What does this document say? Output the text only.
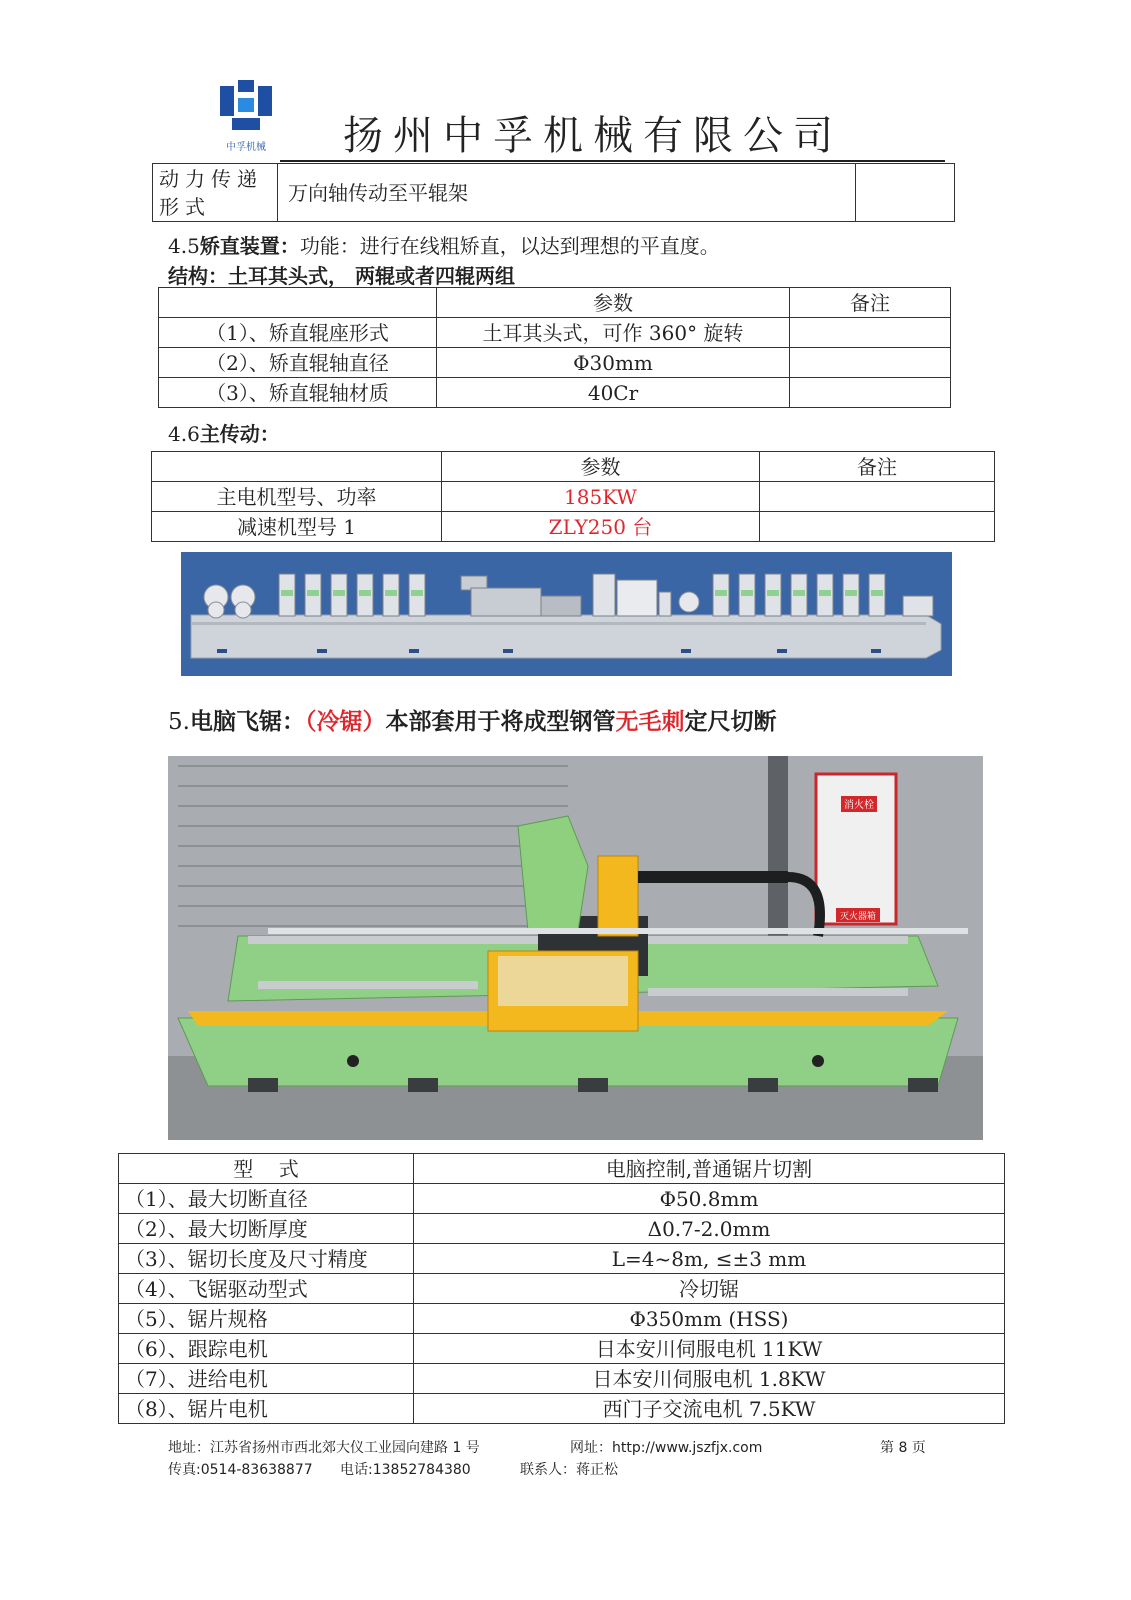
中孚机械 扬州中孚机械有限公司
动力传递形式	万向轴传动至平辊架	
4.5矫直装置：功能：进行在线粗矫直，以达到理想的平直度。
结构：土耳其头式， 两辊或者四辊两组
	参数	备注
（1）、矫直辊座形式	土耳其头式，可作 360° 旋转	
（2）、矫直辊轴直径	Φ30mm	
（3）、矫直辊轴材质	40Cr	
4.6主传动：
	参数	备注
主电机型号、功率	185KW	
减速机型号 1	ZLY250 台	
5.电脑飞锯：（冷锯）本部套用于将成型钢管无毛刺定尺切断
消火栓
灭火器箱
型    式	电脑控制,普通锯片切割
（1）、最大切断直径	Φ50.8mm
（2）、最大切断厚度	Δ0.7-2.0mm
（3）、锯切长度及尺寸精度	L=4~8m, ≤±3 mm
（4）、飞锯驱动型式	冷切锯
（5）、锯片规格	Φ350mm (HSS)
（6）、跟踪电机	日本安川伺服电机 11KW
（7）、进给电机	日本安川伺服电机 1.8KW
（8）、锯片电机	西门子交流电机 7.5KW
地址：江苏省扬州市西北郊大仪工业园向建路 1 号	网址：http://www.jszfjx.com	第 8 页
传真:0514-83638877 电话:13852784380	联系人：蒋正松
